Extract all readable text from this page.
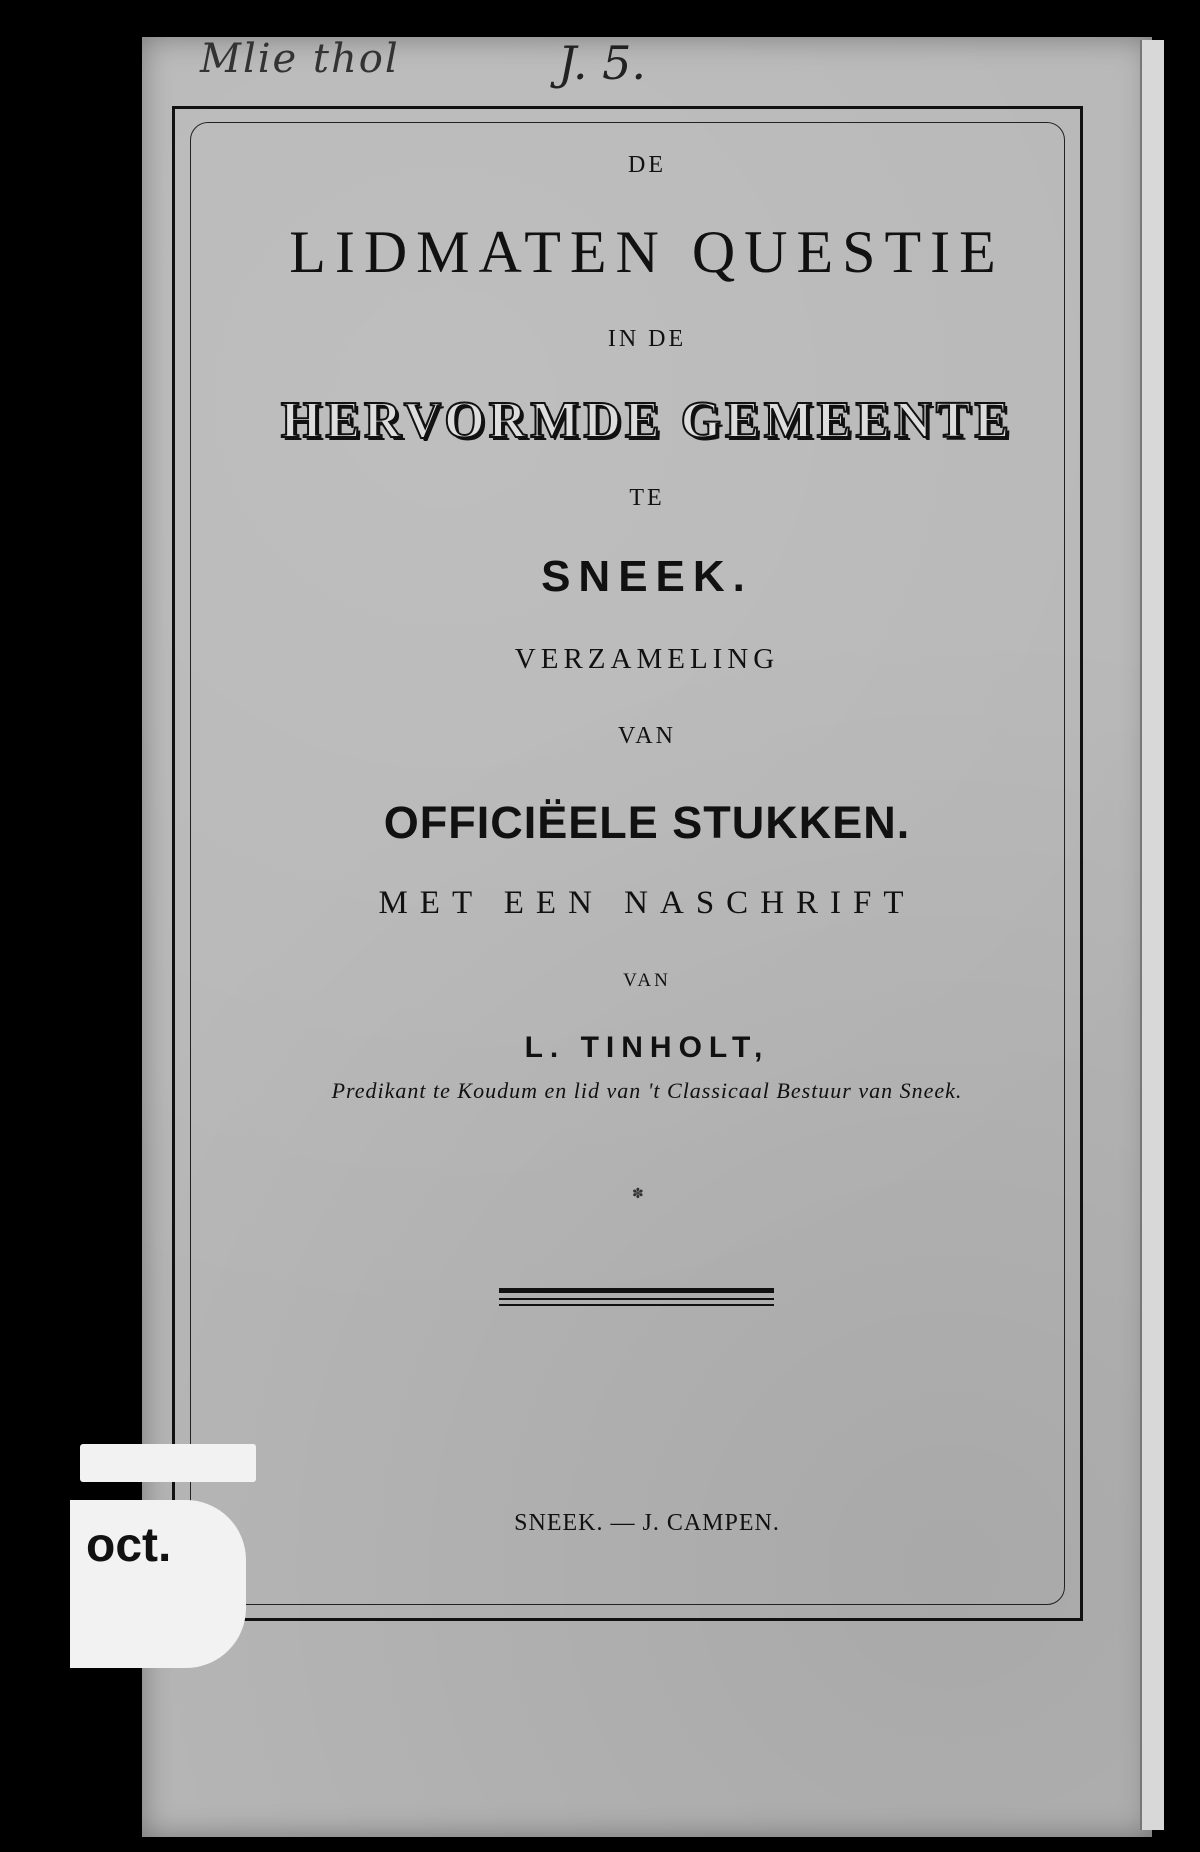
Mlie thol	J. 5.
DE
LIDMATEN QUESTIE
IN DE
HERVORMDE GEMEENTE
TE
SNEEK.
VERZAMELING
VAN
OFFICIËELE STUKKEN.
MET EEN NASCHRIFT
VAN
L. TINHOLT,
Predikant te Koudum en lid van 't Classicaal Bestuur van Sneek.
✽
SNEEK. — J. CAMPEN.
oct.
